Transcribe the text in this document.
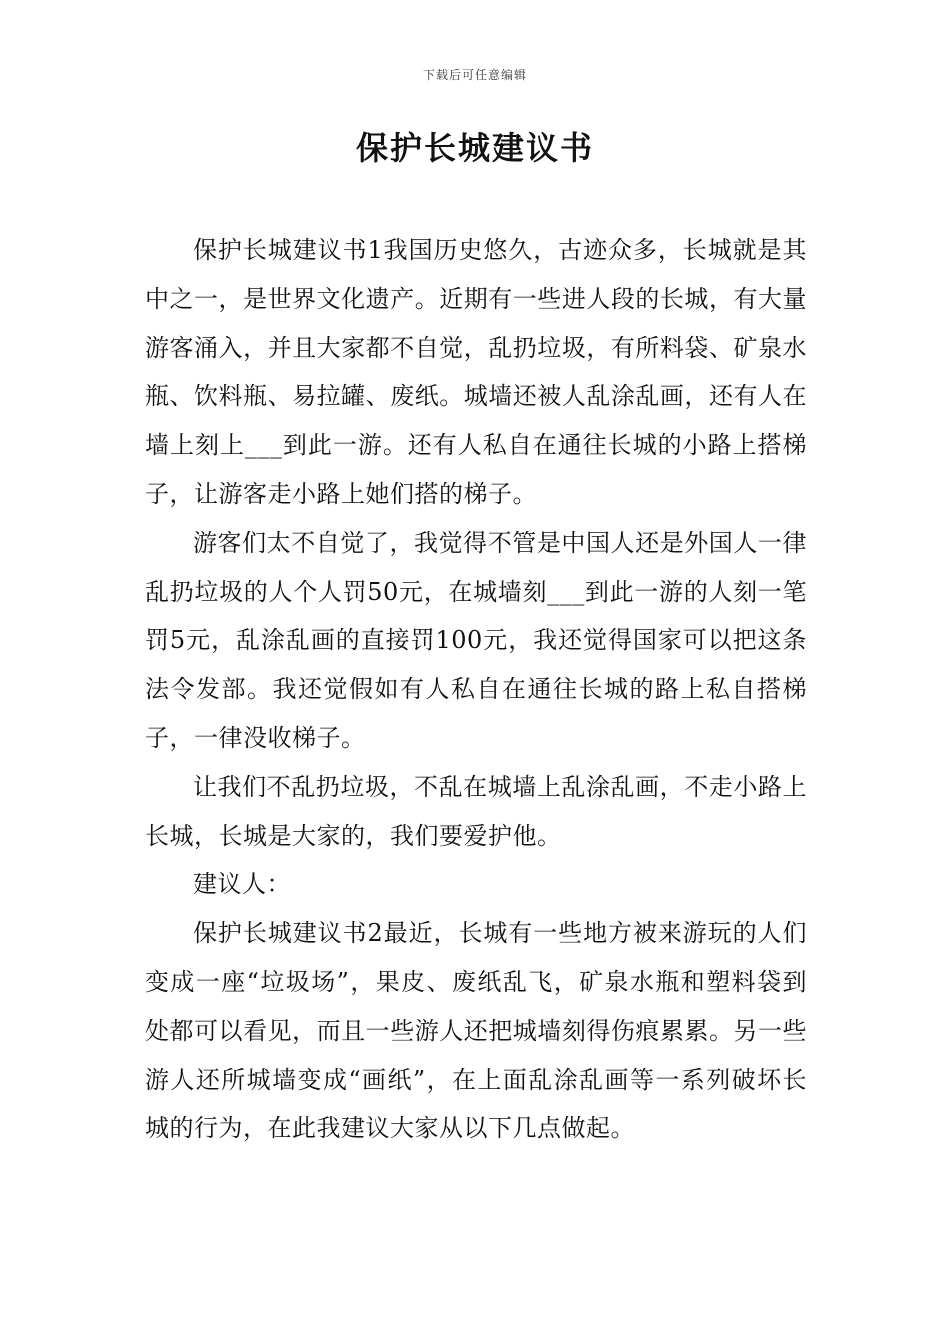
下载后可任意编辑
保护长城建议书

保护长城建议书1我国历史悠久，古迹众多，长城就是其中之一，是世界文化遗产。近期有一些进人段的长城，有大量游客涌入，并且大家都不自觉，乱扔垃圾，有所料袋、矿泉水瓶、饮料瓶、易拉罐、废纸。城墙还被人乱涂乱画，还有人在墙上刻上___到此一游。还有人私自在通往长城的小路上搭梯子，让游客走小路上她们搭的梯子。

游客们太不自觉了，我觉得不管是中国人还是外国人一律乱扔垃圾的人个人罚50元，在城墙刻___到此一游的人刻一笔罚5元，乱涂乱画的直接罚100元，我还觉得国家可以把这条法令发部。我还觉假如有人私自在通往长城的路上私自搭梯子，一律没收梯子。

让我们不乱扔垃圾，不乱在城墙上乱涂乱画，不走小路上长城，长城是大家的，我们要爱护他。

建议人：

保护长城建议书2最近，长城有一些地方被来游玩的人们变成一座“垃圾场”，果皮、废纸乱飞，矿泉水瓶和塑料袋到处都可以看见，而且一些游人还把城墙刻得伤痕累累。另一些游人还所城墙变成“画纸”，在上面乱涂乱画等一系列破坏长城的行为，在此我建议大家从以下几点做起。
